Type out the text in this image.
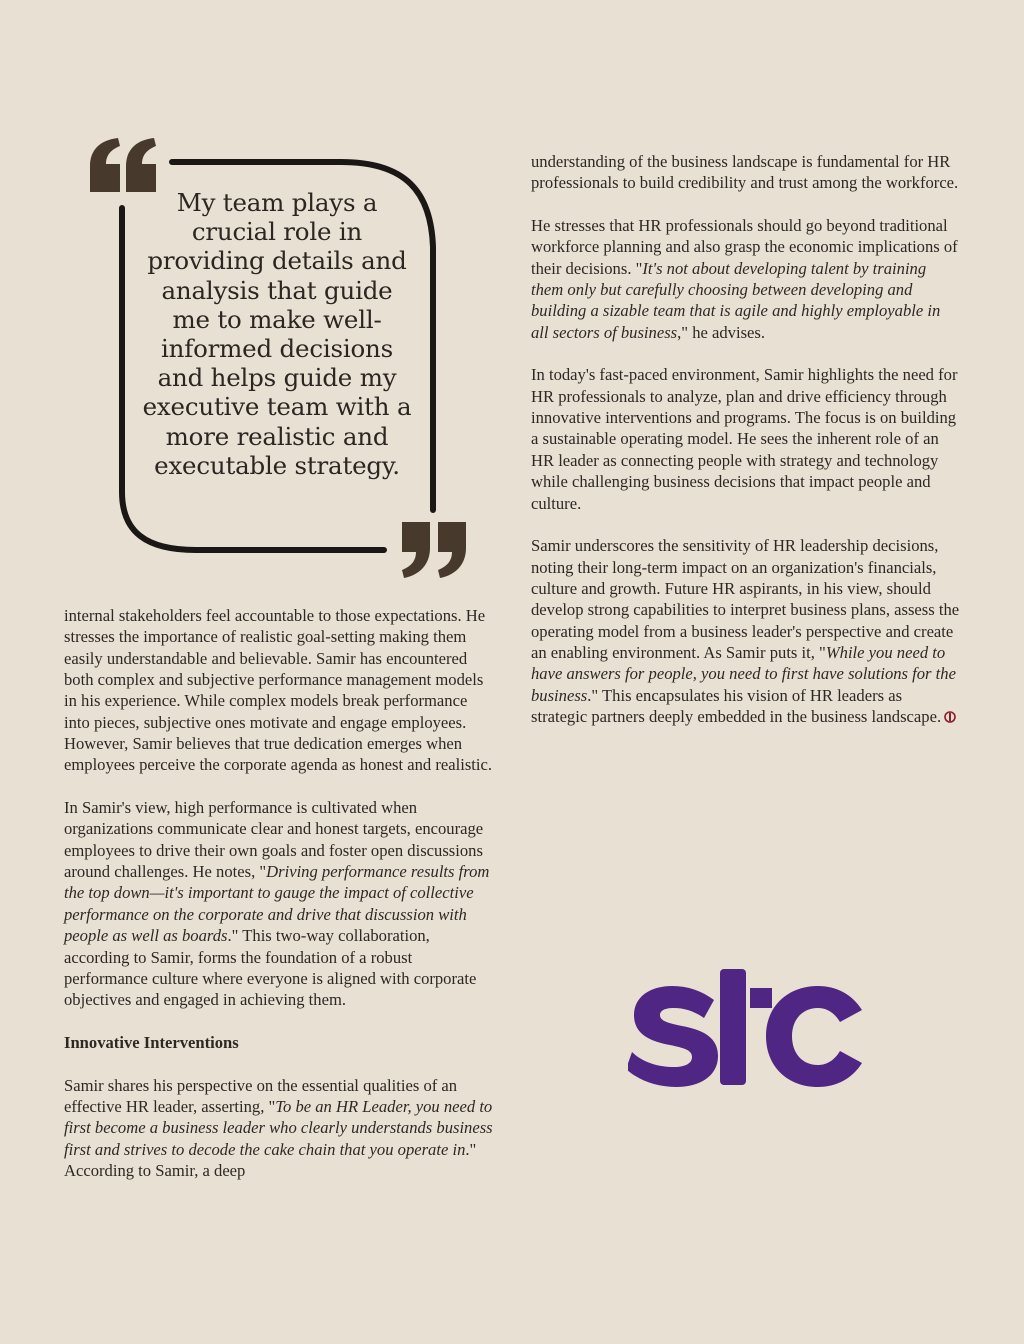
My team plays a crucial role in providing details and analysis that guide me to make well-informed decisions and helps guide my executive team with a more realistic and executable strategy.

internal stakeholders feel accountable to those expectations. He stresses the importance of realistic goal-setting making them easily understandable and believable. Samir has encountered both complex and subjective performance management models in his experience. While complex models break performance into pieces, subjective ones motivate and engage employees. However, Samir believes that true dedication emerges when employees perceive the corporate agenda as honest and realistic.

In Samir's view, high performance is cultivated when organizations communicate clear and honest targets, encourage employees to drive their own goals and foster open discussions around challenges. He notes, "Driving performance results from the top down—it's important to gauge the impact of collective performance on the corporate and drive that discussion with people as well as boards." This two-way collaboration, according to Samir, forms the foundation of a robust performance culture where everyone is aligned with corporate objectives and engaged in achieving them.

Innovative Interventions

Samir shares his perspective on the essential qualities of an effective HR leader, asserting, "To be an HR Leader, you need to first become a business leader who clearly understands business first and strives to decode the cake chain that you operate in." According to Samir, a deep

understanding of the business landscape is fundamental for HR professionals to build credibility and trust among the workforce.

He stresses that HR professionals should go beyond traditional workforce planning and also grasp the economic implications of their decisions. "It's not about developing talent by training them only but carefully choosing between developing and building a sizable team that is agile and highly employable in all sectors of business," he advises.

In today's fast-paced environment, Samir highlights the need for HR professionals to analyze, plan and drive efficiency through innovative interventions and programs. The focus is on building a sustainable operating model. He sees the inherent role of an HR leader as connecting people with strategy and technology while challenging business decisions that impact people and culture.

Samir underscores the sensitivity of HR leadership decisions, noting their long-term impact on an organization's financials, culture and growth. Future HR aspirants, in his view, should develop strong capabilities to interpret business plans, assess the operating model from a business leader's perspective and create an enabling environment. As Samir puts it, "While you need to have answers for people, you need to first have solutions for the business." This encapsulates his vision of HR leaders as strategic partners deeply embedded in the business landscape.
